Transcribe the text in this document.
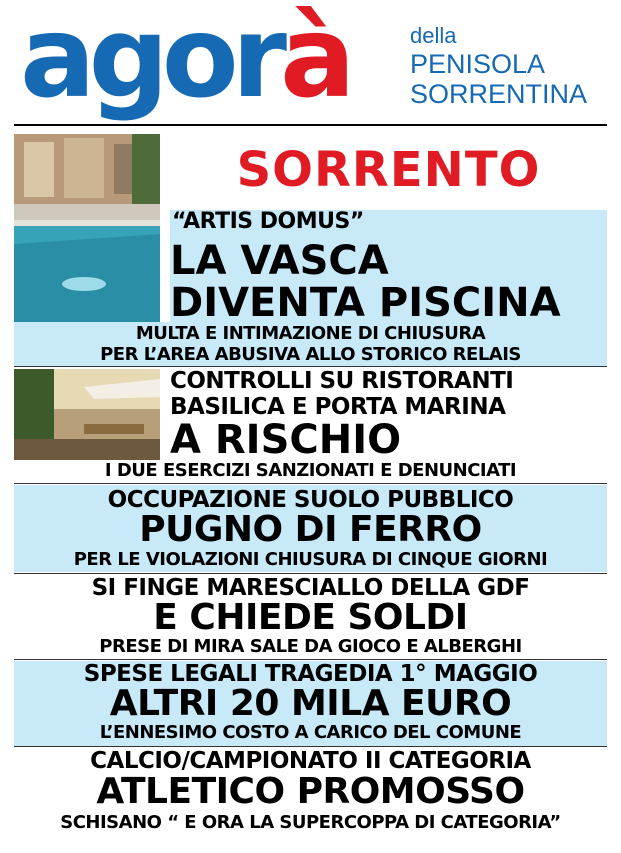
agorà	della
PENISOLA
SORRENTINA
SORRENTO
“ARTIS DOMUS”
LA VASCA
DIVENTA PISCINA
MULTA E INTIMAZIONE DI CHIUSURA
PER L’AREA ABUSIVA ALLO STORICO RELAIS
CONTROLLI SU RISTORANTI
BASILICA E PORTA MARINA
A RISCHIO
I DUE ESERCIZI SANZIONATI E DENUNCIATI
OCCUPAZIONE SUOLO PUBBLICO
PUGNO DI FERRO
PER LE VIOLAZIONI CHIUSURA DI CINQUE GIORNI
SI FINGE MARESCIALLO DELLA GDF
E CHIEDE SOLDI
PRESE DI MIRA SALE DA GIOCO E ALBERGHI
SPESE LEGALI TRAGEDIA 1° MAGGIO
ALTRI 20 MILA EURO
L’ENNESIMO COSTO A CARICO DEL COMUNE
CALCIO/CAMPIONATO II CATEGORIA
ATLETICO PROMOSSO
SCHISANO “ E ORA LA SUPERCOPPA DI CATEGORIA”
